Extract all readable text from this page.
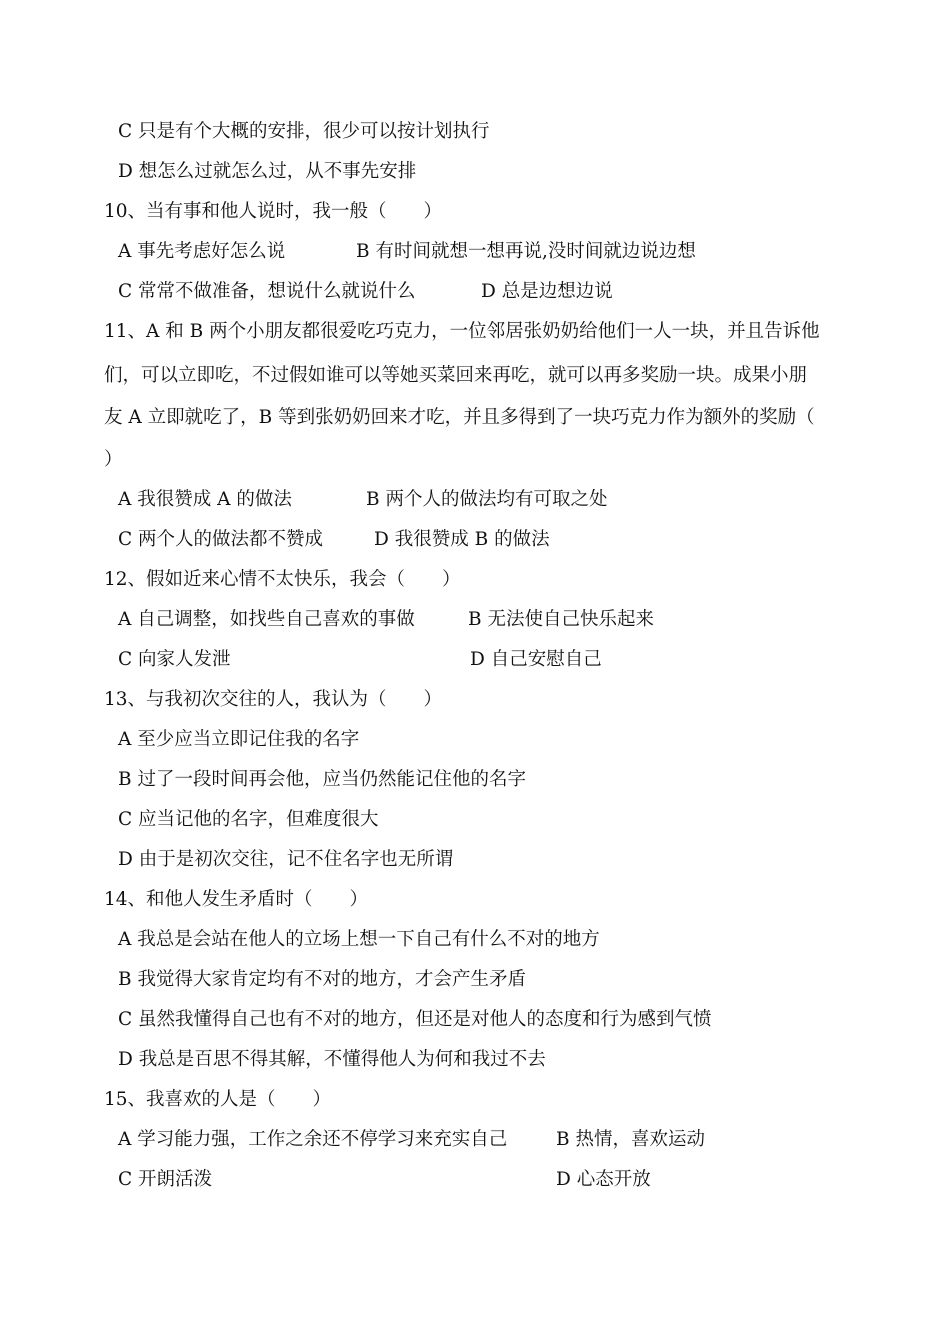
C 只是有个大概的安排，很少可以按计划执行
D 想怎么过就怎么过，从不事先安排
10、当有事和他人说时，我一般（　　）
A 事先考虑好怎么说	B 有时间就想一想再说,没时间就边说边想
C 常常不做准备，想说什么就说什么	D 总是边想边说
11、A 和 B 两个小朋友都很爱吃巧克力，一位邻居张奶奶给他们一人一块，并且告诉他
们，可以立即吃，不过假如谁可以等她买菜回来再吃，就可以再多奖励一块。成果小朋
友 A 立即就吃了，B 等到张奶奶回来才吃，并且多得到了一块巧克力作为额外的奖励（
）
A 我很赞成 A 的做法	B 两个人的做法均有可取之处
C 两个人的做法都不赞成	D 我很赞成 B 的做法
12、假如近来心情不太快乐，我会（　　）
A 自己调整，如找些自己喜欢的事做	B 无法使自己快乐起来
C 向家人发泄	D 自己安慰自己
13、与我初次交往的人，我认为（　　）
A 至少应当立即记住我的名字
B 过了一段时间再会他，应当仍然能记住他的名字
C 应当记他的名字，但难度很大
D 由于是初次交往，记不住名字也无所谓
14、和他人发生矛盾时（　　）
A 我总是会站在他人的立场上想一下自己有什么不对的地方
B 我觉得大家肯定均有不对的地方，才会产生矛盾
C 虽然我懂得自己也有不对的地方，但还是对他人的态度和行为感到气愤
D 我总是百思不得其解，不懂得他人为何和我过不去
15、我喜欢的人是（　　）
A 学习能力强，工作之余还不停学习来充实自己	B 热情，喜欢运动
C 开朗活泼	D 心态开放
